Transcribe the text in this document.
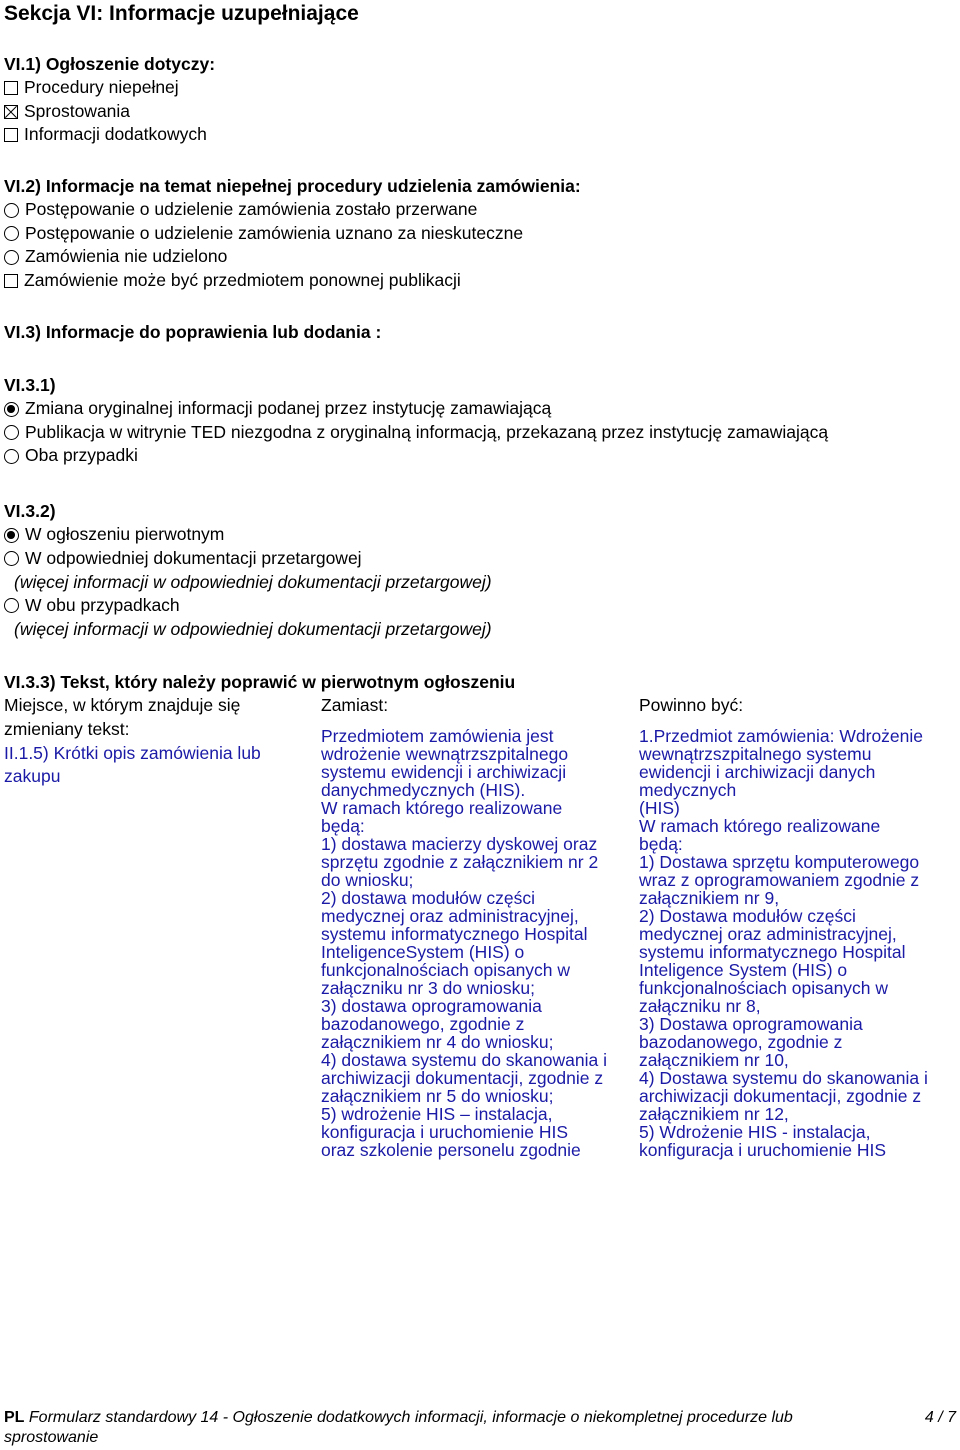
Sekcja VI: Informacje uzupełniające
VI.1) Ogłoszenie dotyczy:
Procedury niepełnej
Sprostowania
Informacji dodatkowych
VI.2) Informacje na temat niepełnej procedury udzielenia zamówienia:
Postępowanie o udzielenie zamówienia zostało przerwane
Postępowanie o udzielenie zamówienia uznano za nieskuteczne
Zamówienia nie udzielono
Zamówienie może być przedmiotem ponownej publikacji
VI.3) Informacje do poprawienia lub dodania :
VI.3.1)
Zmiana oryginalnej informacji podanej przez instytucję zamawiającą
Publikacja w witrynie TED niezgodna z oryginalną informacją, przekazaną przez instytucję zamawiającą
Oba przypadki
VI.3.2)
W ogłoszeniu pierwotnym
W odpowiedniej dokumentacji przetargowej
(więcej informacji w odpowiedniej dokumentacji przetargowej)
W obu przypadkach
(więcej informacji w odpowiedniej dokumentacji przetargowej)
VI.3.3) Tekst, który należy poprawić w pierwotnym ogłoszeniu
Miejsce, w którym znajduje się zmieniany tekst:
II.1.5) Krótki opis zamówienia lub zakupu
Zamiast:
Przedmiotem zamówienia jest
wdrożenie wewnątrzszpitalnego
systemu ewidencji i archiwizacji
danychmedycznych (HIS).
W ramach którego realizowane
będą:
1) dostawa macierzy dyskowej oraz
sprzętu zgodnie z załącznikiem nr 2
do wniosku;
2) dostawa modułów części
medycznej oraz administracyjnej,
systemu informatycznego Hospital
InteligenceSystem (HIS) o
funkcjonalnościach opisanych w
załączniku nr 3 do wniosku;
3) dostawa oprogramowania
bazodanowego, zgodnie z
załącznikiem nr 4 do wniosku;
4) dostawa systemu do skanowania i
archiwizacji dokumentacji, zgodnie z
załącznikiem nr 5 do wniosku;
5) wdrożenie HIS – instalacja,
konfiguracja i uruchomienie HIS
oraz szkolenie personelu zgodnie
Powinno być:
1.Przedmiot zamówienia: Wdrożenie
wewnątrzszpitalnego systemu
ewidencji i archiwizacji danych
medycznych
(HIS)
W ramach którego realizowane
będą:
1) Dostawa sprzętu komputerowego
wraz z oprogramowaniem zgodnie z
załącznikiem nr 9,
2) Dostawa modułów części
medycznej oraz administracyjnej,
systemu informatycznego Hospital
Inteligence System (HIS) o
funkcjonalnościach opisanych w
załączniku nr 8,
3) Dostawa oprogramowania
bazodanowego, zgodnie z
załącznikiem nr 10,
4) Dostawa systemu do skanowania i
archiwizacji dokumentacji, zgodnie z
załącznikiem nr 12,
5) Wdrożenie HIS - instalacja,
konfiguracja i uruchomienie HIS
PL Formularz standardowy 14 - Ogłoszenie dodatkowych informacji, informacje o niekompletnej procedurze lub
sprostowanie
4 / 7
